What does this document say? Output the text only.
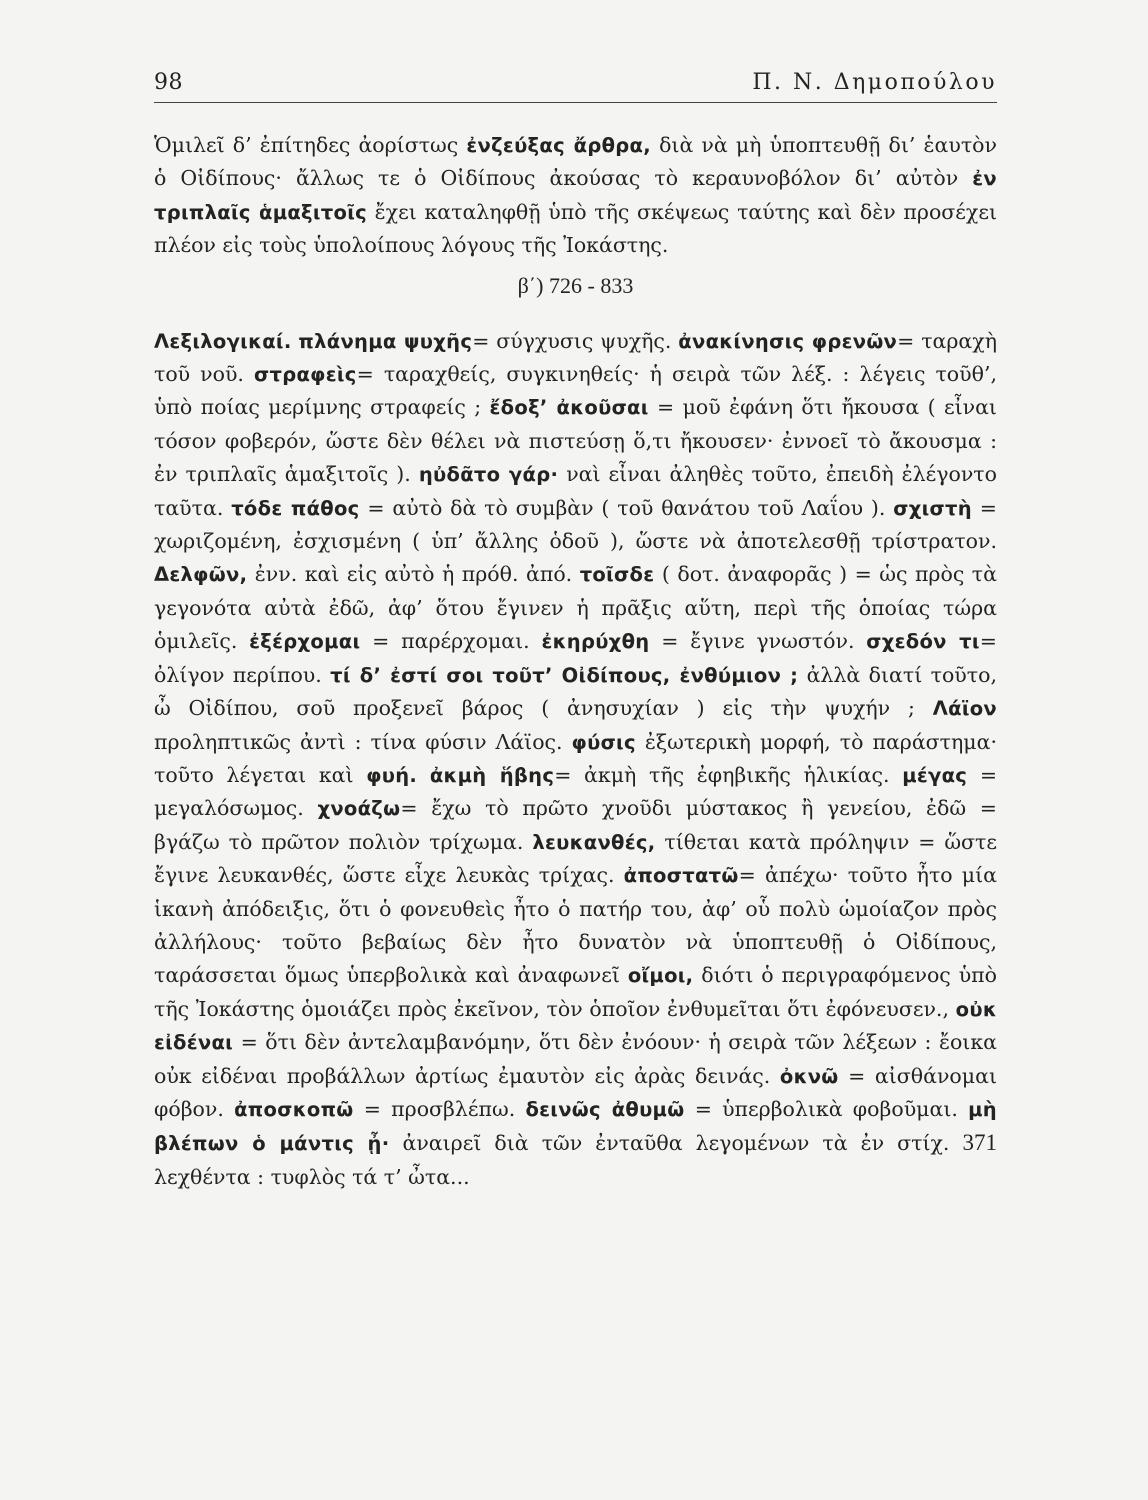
98	Π. Ν. Δημοπούλου

Ὁμιλεῖ δ’ ἐπίτηδες ἀορίστως ἐνζεύξας ἄρθρα, διὰ νὰ μὴ ὑποπτευθῇ δι’ ἑαυτὸν ὁ Οἰδίπους· ἄλλως τε ὁ Οἰδίπους ἀκούσας τὸ κεραυνοβόλον δι’ αὐτὸν ἐν τριπλαῖς ἁμαξιτοῖς ἔχει καταληφθῇ ὑπὸ τῆς σκέψεως ταύτης καὶ δὲν προσέχει πλέον εἰς τοὺς ὑπολοίπους λόγους τῆς Ἰοκάστης.

β΄) 726 - 833

Λεξιλογικαί. πλάνημα ψυχῆς= σύγχυσις ψυχῆς. ἀνακίνησις φρενῶν= ταραχὴ τοῦ νοῦ. στραφεὶς= ταραχθείς, συγκινηθείς· ἡ σειρὰ τῶν λέξ. : λέγεις τοῦθ’, ὑπὸ ποίας μερίμνης στραφείς ; ἔδοξ’ ἀκοῦσαι = μοῦ ἐφάνη ὅτι ἤκουσα ( εἶναι τόσον φοβερόν, ὥστε δὲν θέλει νὰ πιστεύσῃ ὅ,τι ἤκουσεν· ἐννοεῖ τὸ ἄκουσμα : ἐν τριπλαῖς ἁμαξιτοῖς ). ηὐδᾶτο γάρ· ναὶ εἶναι ἀληθὲς τοῦτο, ἐπειδὴ ἐλέγοντο ταῦτα. τόδε πάθος = αὐτὸ δὰ τὸ συμβὰν ( τοῦ θανάτου τοῦ Λαΐου ). σχιστὴ = χωριζομένη, ἐσχισμένη ( ὑπ’ ἄλλης ὁδοῦ ), ὥστε νὰ ἀποτελεσθῇ τρίστρατον. Δελφῶν, ἐνν. καὶ εἰς αὐτὸ ἡ πρόθ. ἀπό. τοῖσδε ( δοτ. ἀναφορᾶς ) = ὡς πρὸς τὰ γεγονότα αὐτὰ ἐδῶ, ἀφ’ ὅτου ἔγινεν ἡ πρᾶξις αὕτη, περὶ τῆς ὁποίας τώρα ὁμιλεῖς. ἐξέρχομαι = παρέρχομαι. ἐκηρύχθη = ἔγινε γνωστόν. σχεδόν τι= ὀλίγον περίπου. τί δ’ ἐστί σοι τοῦτ’ Οἰδίπους, ἐνθύμιον ; ἀλλὰ διατί τοῦτο, ὦ Οἰδίπου, σοῦ προξενεῖ βάρος ( ἀνησυχίαν ) εἰς τὴν ψυχήν ; Λάϊον προληπτικῶς ἀντὶ : τίνα φύσιν Λάϊος. φύσις ἐξωτερικὴ μορφή, τὸ παράστημα· τοῦτο λέγεται καὶ φυή. ἀκμὴ ἥβης= ἀκμὴ τῆς ἐφηβικῆς ἡλικίας. μέγας = μεγαλόσωμος. χνοάζω= ἔχω τὸ πρῶτο χνοῦδι μύστακος ἢ γενείου, ἐδῶ = βγάζω τὸ πρῶτον πολιὸν τρίχωμα. λευκανθές, τίθεται κατὰ πρόληψιν = ὥστε ἔγινε λευκανθές, ὥστε εἶχε λευκὰς τρίχας. ἀποστατῶ= ἀπέχω· τοῦτο ἦτο μία ἱκανὴ ἀπόδειξις, ὅτι ὁ φονευθεὶς ἦτο ὁ πατήρ του, ἀφ’ οὗ πολὺ ὡμοίαζον πρὸς ἀλλήλους· τοῦτο βεβαίως δὲν ἦτο δυνατὸν νὰ ὑποπτευθῇ ὁ Οἰδίπους, ταράσσεται ὅμως ὑπερβολικὰ καὶ ἀναφωνεῖ οἴμοι, διότι ὁ περιγραφόμενος ὑπὸ τῆς Ἰοκάστης ὁμοιάζει πρὸς ἐκεῖνον, τὸν ὁποῖον ἐνθυμεῖται ὅτι ἐφόνευσεν., οὐκ εἰδέναι = ὅτι δὲν ἀντελαμβανόμην, ὅτι δὲν ἐνόουν· ἡ σειρὰ τῶν λέξεων : ἔοικα οὐκ εἰδέναι προβάλλων ἀρτίως ἐμαυτὸν εἰς ἀρὰς δεινάς. ὀκνῶ = αἰσθάνομαι φόβον. ἀποσκοπῶ = προσβλέπω. δεινῶς ἀθυμῶ = ὑπερβολικὰ φοβοῦμαι. μὴ βλέπων ὁ μάντις ᾖ· ἀναιρεῖ διὰ τῶν ἐνταῦθα λεγομένων τὰ ἐν στίχ. 371 λεχθέντα : τυφλὸς τά τ’ ὦτα...
